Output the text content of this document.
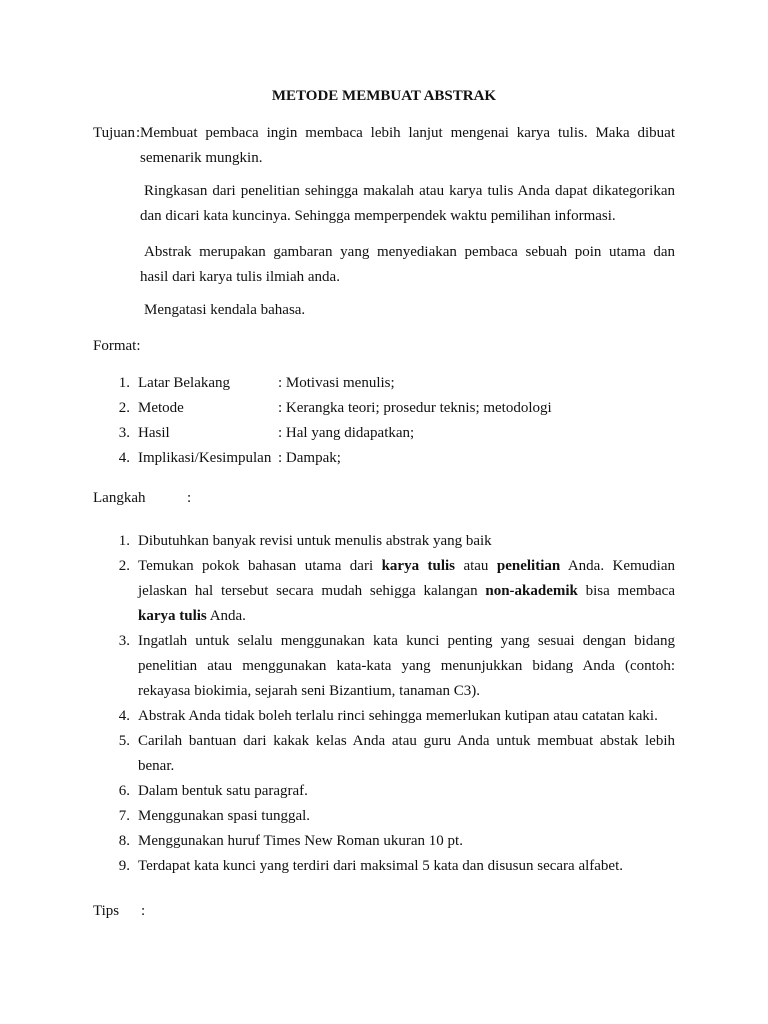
METODE MEMBUAT ABSTRAK
Tujuan: Membuat pembaca ingin membaca lebih lanjut mengenai karya tulis. Maka dibuat
semenarik mungkin.
Ringkasan dari penelitian sehingga makalah atau karya tulis Anda dapat dikategorikan
dan dicari kata kuncinya. Sehingga memperpendek waktu pemilihan informasi.
Abstrak merupakan gambaran yang menyediakan pembaca sebuah poin utama dan
hasil dari karya tulis ilmiah anda.
Mengatasi kendala bahasa.
Format:
1. Latar Belakang	: Motivasi menulis;
2. Metode	: Kerangka teori; prosedur teknis; metodologi
3. Hasil	: Hal yang didapatkan;
4. Implikasi/Kesimpulan : Dampak;
Langkah	:
1. Dibutuhkan banyak revisi untuk menulis abstrak yang baik
2. Temukan pokok bahasan utama dari karya tulis atau penelitian Anda. Kemudian jelaskan hal tersebut secara mudah sehigga kalangan non-akademik bisa membaca karya tulis Anda.
3. Ingatlah untuk selalu menggunakan kata kunci penting yang sesuai dengan bidang penelitian atau menggunakan kata-kata yang menunjukkan bidang Anda (contoh: rekayasa biokimia, sejarah seni Bizantium, tanaman C3).
4. Abstrak Anda tidak boleh terlalu rinci sehingga memerlukan kutipan atau catatan kaki.
5. Carilah bantuan dari kakak kelas Anda atau guru Anda untuk membuat abstak lebih benar.
6. Dalam bentuk satu paragraf.
7. Menggunakan spasi tunggal.
8. Menggunakan huruf Times New Roman ukuran 10 pt.
9. Terdapat kata kunci yang terdiri dari maksimal 5 kata dan disusun secara alfabet.
Tips :
